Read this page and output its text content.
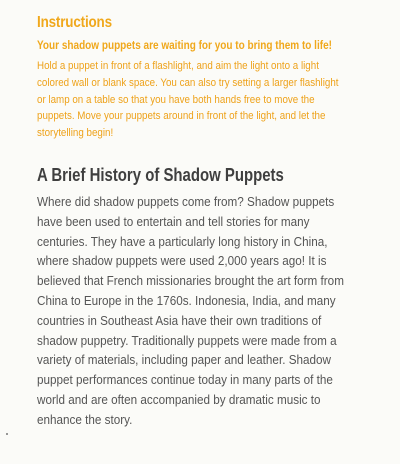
Instructions

Your shadow puppets are waiting for you to bring them to life!

Hold a puppet in front of a flashlight, and aim the light onto a light
colored wall or blank space. You can also try setting a larger flashlight
or lamp on a table so that you have both hands free to move the
puppets. Move your puppets around in front of the light, and let the
storytelling begin!

A Brief History of Shadow Puppets

Where did shadow puppets come from? Shadow puppets
have been used to entertain and tell stories for many
centuries. They have a particularly long history in China,
where shadow puppets were used 2,000 years ago! It is
believed that French missionaries brought the art form from
China to Europe in the 1760s. Indonesia, India, and many
countries in Southeast Asia have their own traditions of
shadow puppetry. Traditionally puppets were made from a
variety of materials, including paper and leather. Shadow
puppet performances continue today in many parts of the
world and are often accompanied by dramatic music to
enhance the story.
